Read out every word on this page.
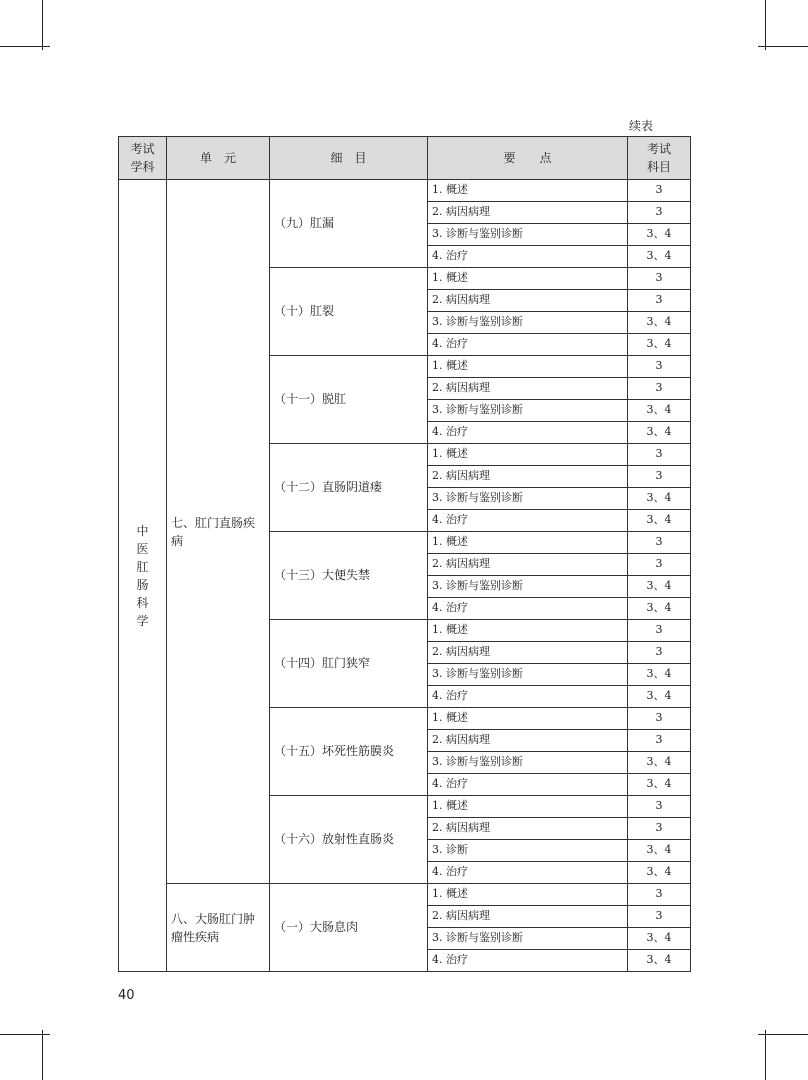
续表
考试学科	单　元	细　目	要　　点	考试科目
中医肛肠科学	七、肛门直肠疾病	（九）肛漏	1. 概述	3
			2. 病因病理	3
			3. 诊断与鉴别诊断	3、4
			4. 治疗	3、4
		（十）肛裂	1. 概述	3
			2. 病因病理	3
			3. 诊断与鉴别诊断	3、4
			4. 治疗	3、4
		（十一）脱肛	1. 概述	3
			2. 病因病理	3
			3. 诊断与鉴别诊断	3、4
			4. 治疗	3、4
		（十二）直肠阴道瘘	1. 概述	3
			2. 病因病理	3
			3. 诊断与鉴别诊断	3、4
			4. 治疗	3、4
		（十三）大便失禁	1. 概述	3
			2. 病因病理	3
			3. 诊断与鉴别诊断	3、4
			4. 治疗	3、4
		（十四）肛门狭窄	1. 概述	3
			2. 病因病理	3
			3. 诊断与鉴别诊断	3、4
			4. 治疗	3、4
		（十五）坏死性筋膜炎	1. 概述	3
			2. 病因病理	3
			3. 诊断与鉴别诊断	3、4
			4. 治疗	3、4
		（十六）放射性直肠炎	1. 概述	3
			2. 病因病理	3
			3. 诊断	3、4
			4. 治疗	3、4
	八、大肠肛门肿瘤性疾病	（一）大肠息肉	1. 概述	3
			2. 病因病理	3
			3. 诊断与鉴别诊断	3、4
			4. 治疗	3、4
40
